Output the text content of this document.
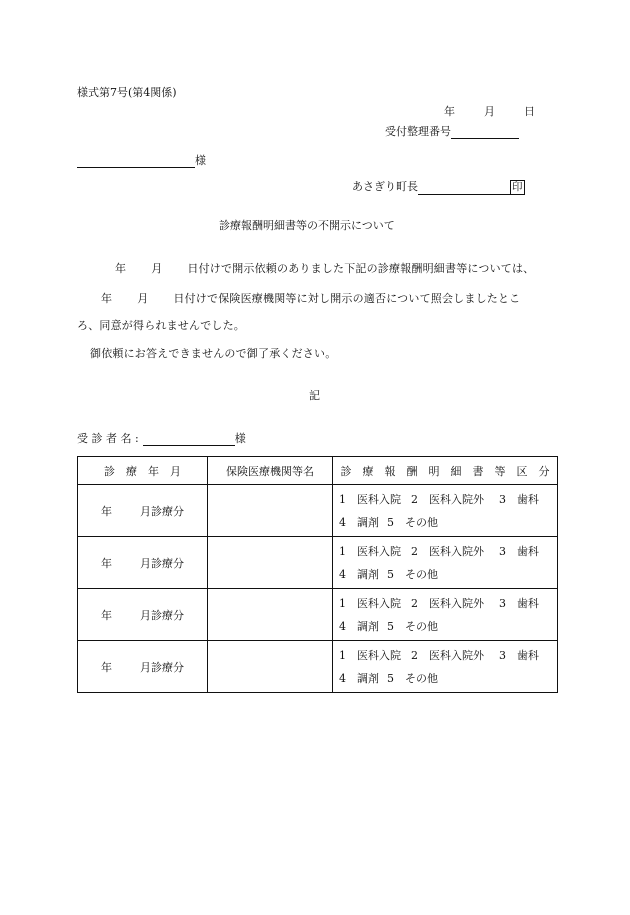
様式第7号(第4関係)
年	月	日
受付整理番号
様
あさぎり町長	印
診療報酬明細書等の不開示について
年 月 日付けで開示依頼のありました下記の診療報酬明細書等については、
年 月 日付けで保険医療機関等に対し開示の適否について照会しましたとこ
ろ、同意が得られませんでした。
御依頼にお答えできませんので御了承ください。
記
受 診 者 名 :	様
診　療　年　月	保険医療機関等名	診　療　報　酬　明　細　書　等　区　分
年 月診療分		1　医科入院 2　医科入院外 3　歯科
4　調剤 5　その他

年 月診療分		1　医科入院 2　医科入院外 3　歯科
4　調剤 5　その他

年 月診療分		1　医科入院 2　医科入院外 3　歯科
4　調剤 5　その他

年 月診療分		1　医科入院 2　医科入院外 3　歯科
4　調剤 5　その他
